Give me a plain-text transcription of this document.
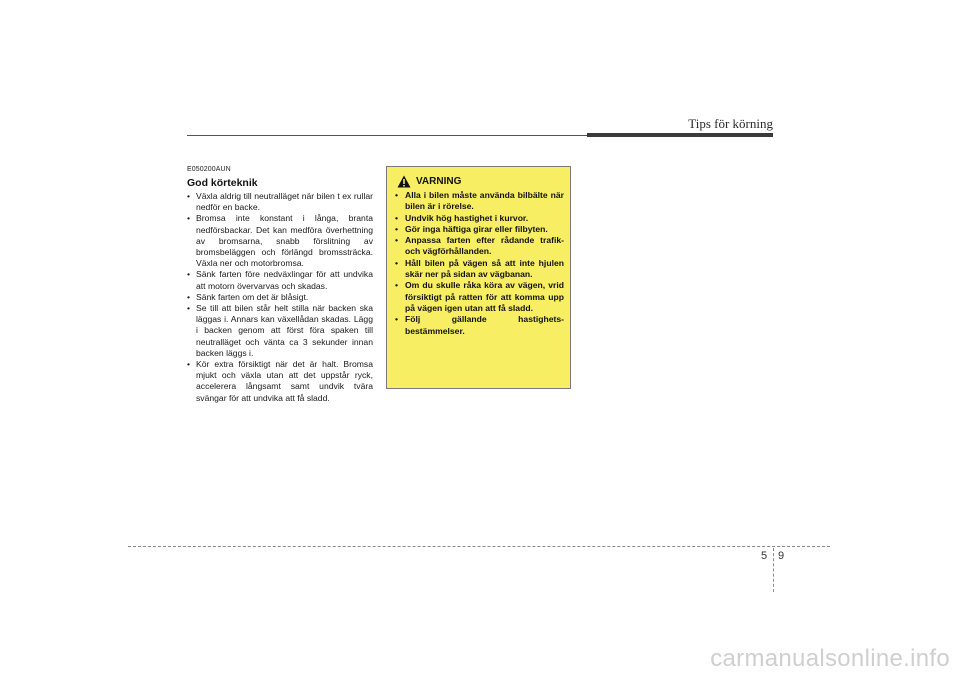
Tips för körning
E050200AUN
God körteknik
• Växla aldrig till neutralläget när bilen t ex rullar nedför en backe.
• Bromsa inte konstant i långa, branta nedförsbackar. Det kan medföra överhettning av bromsarna, snabb förslitning av bromsbeläggen och förlängd bromssträcka. Växla ner och motorbromsa.
• Sänk farten före nedväxlingar för att undvika att motorn övervarvas och skadas.
• Sänk farten om det är blåsigt.
• Se till att bilen står helt stilla när backen ska läggas i. Annars kan växellådan skadas. Lägg i backen genom att först föra spaken till neutralläget och vänta ca 3 sekunder innan backen läggs i.
• Kör extra försiktigt när det är halt. Bromsa mjukt och växla utan att det uppstår ryck, accelerera långsamt samt undvik tvära svängar för att undvika att få sladd.
VARNING
• Alla i bilen måste använda bilbälte när bilen är i rörelse.
• Undvik hög hastighet i kurvor.
• Gör inga häftiga girar eller filbyten.
• Anpassa farten efter rådande trafik- och vägförhållanden.
• Håll bilen på vägen så att inte hjulen skär ner på sidan av vägbanan.
• Om du skulle råka köra av vägen, vrid försiktigt på ratten för att komma upp på vägen igen utan att få sladd.
• Följ gällande hastighets-bestämmelser.
5 9
carmanualsonline.info
